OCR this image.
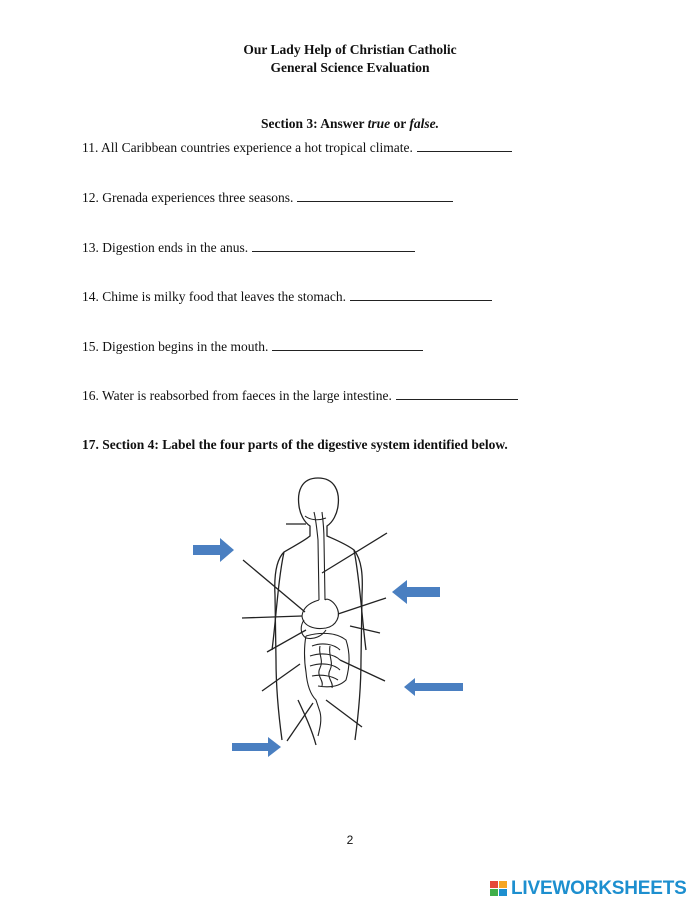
Our Lady Help of Christian Catholic
General Science Evaluation
Section 3: Answer true or false.
11. All Caribbean countries experience a hot tropical climate.
12. Grenada experiences three seasons.
13. Digestion ends in the anus.
14. Chime is milky food that leaves the stomach.
15. Digestion begins in the mouth.
16. Water is reabsorbed from faeces in the large intestine.
17. Section 4: Label the four parts of the digestive system identified below.
2
LIVEWORKSHEETS
